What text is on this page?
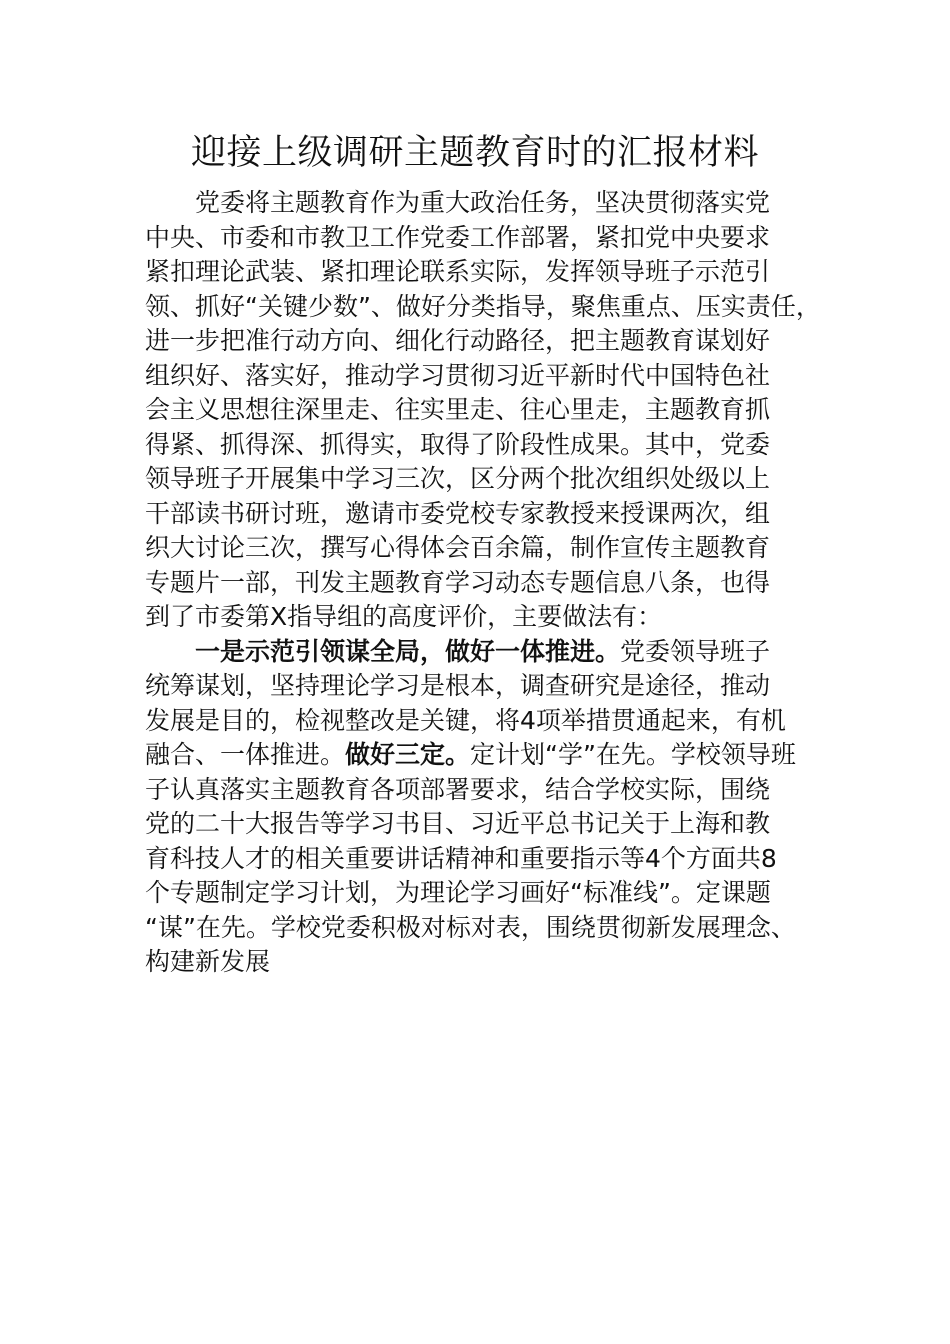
迎接上级调研主题教育时的汇报材料
党委将主题教育作为重大政治任务，坚决贯彻落实党
中央、市委和市教卫工作党委工作部署，紧扣党中央要求
紧扣理论武装、紧扣理论联系实际，发挥领导班子示范引
领、抓好“关键少数”、做好分类指导，聚焦重点、压实责任，
进一步把准行动方向、细化行动路径，把主题教育谋划好
组织好、落实好，推动学习贯彻习近平新时代中国特色社
会主义思想往深里走、往实里走、往心里走，主题教育抓
得紧、抓得深、抓得实，取得了阶段性成果。其中，党委
领导班子开展集中学习三次，区分两个批次组织处级以上
干部读书研讨班，邀请市委党校专家教授来授课两次，组
织大讨论三次，撰写心得体会百余篇，制作宣传主题教育
专题片一部，刊发主题教育学习动态专题信息八条，也得
到了市委第X指导组的高度评价，主要做法有：
一是示范引领谋全局，做好一体推进。党委领导班子
统筹谋划，坚持理论学习是根本，调查研究是途径，推动
发展是目的，检视整改是关键，将4项举措贯通起来，有机
融合、一体推进。做好三定。定计划“学”在先。学校领导班
子认真落实主题教育各项部署要求，结合学校实际，围绕
党的二十大报告等学习书目、习近平总书记关于上海和教
育科技人才的相关重要讲话精神和重要指示等4个方面共8
个专题制定学习计划，为理论学习画好“标准线”。定课题
“谋”在先。学校党委积极对标对表，围绕贯彻新发展理念、
构建新发展
